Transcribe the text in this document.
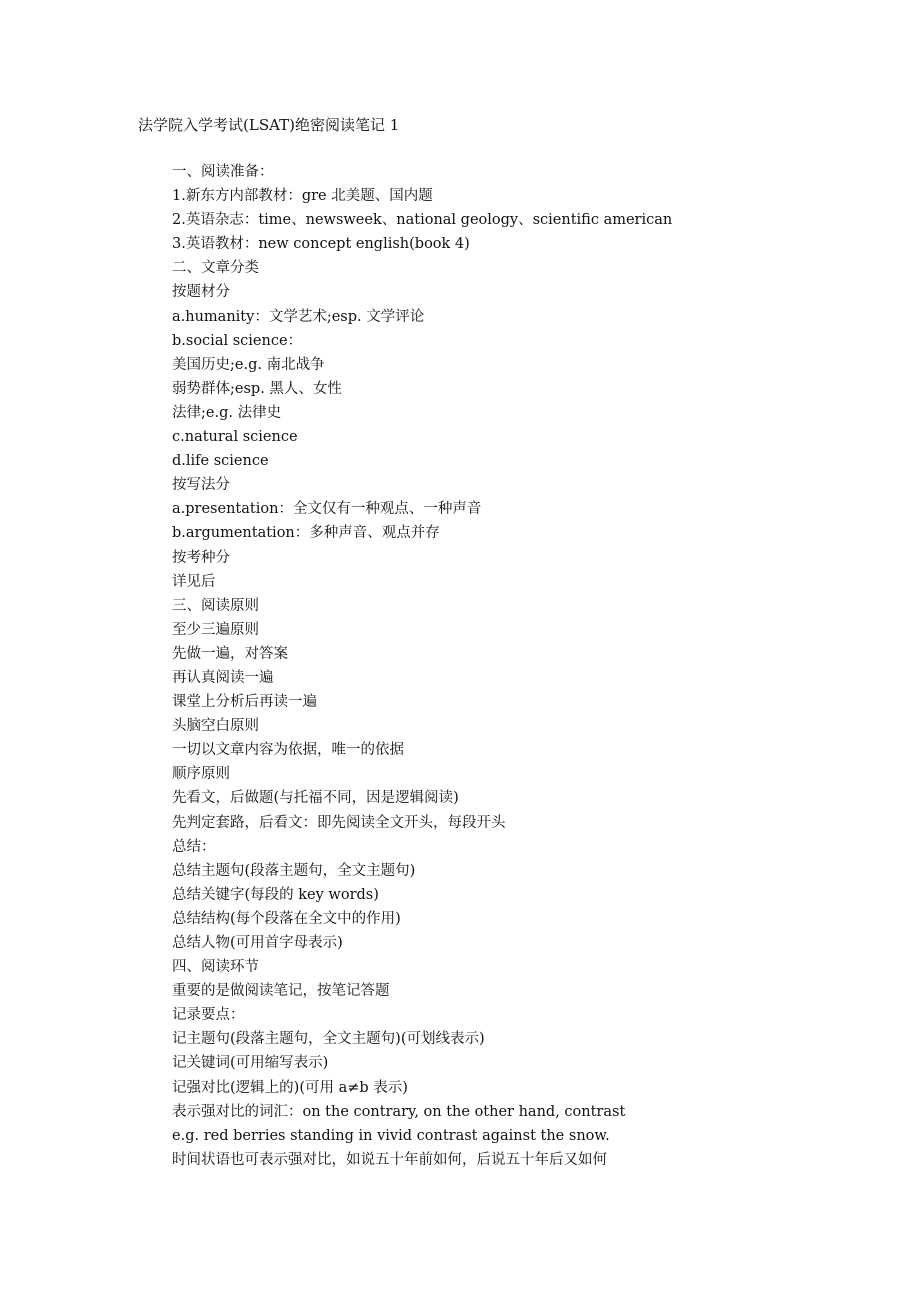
法学院入学考试(LSAT)绝密阅读笔记 1
一、阅读准备：
1.新东方内部教材：gre 北美题、国内题
2.英语杂志：time、newsweek、national geology、scientific american
3.英语教材：new concept english(book 4)
二、文章分类
按题材分
a.humanity：文学艺术;esp. 文学评论
b.social science：
美国历史;e.g. 南北战争
弱势群体;esp. 黑人、女性
法律;e.g. 法律史
c.natural science
d.life science
按写法分
a.presentation：全文仅有一种观点、一种声音
b.argumentation：多种声音、观点并存
按考种分
详见后
三、阅读原则
至少三遍原则
先做一遍，对答案
再认真阅读一遍
课堂上分析后再读一遍
头脑空白原则
一切以文章内容为依据，唯一的依据
顺序原则
先看文，后做题(与托福不同，因是逻辑阅读)
先判定套路，后看文：即先阅读全文开头，每段开头
总结：
总结主题句(段落主题句，全文主题句)
总结关键字(每段的 key words)
总结结构(每个段落在全文中的作用)
总结人物(可用首字母表示)
四、阅读环节
重要的是做阅读笔记，按笔记答题
记录要点：
记主题句(段落主题句，全文主题句)(可划线表示)
记关键词(可用缩写表示)
记强对比(逻辑上的)(可用 a≠b 表示)
表示强对比的词汇：on the contrary, on the other hand, contrast
e.g. red berries standing in vivid contrast against the snow.
时间状语也可表示强对比，如说五十年前如何，后说五十年后又如何
